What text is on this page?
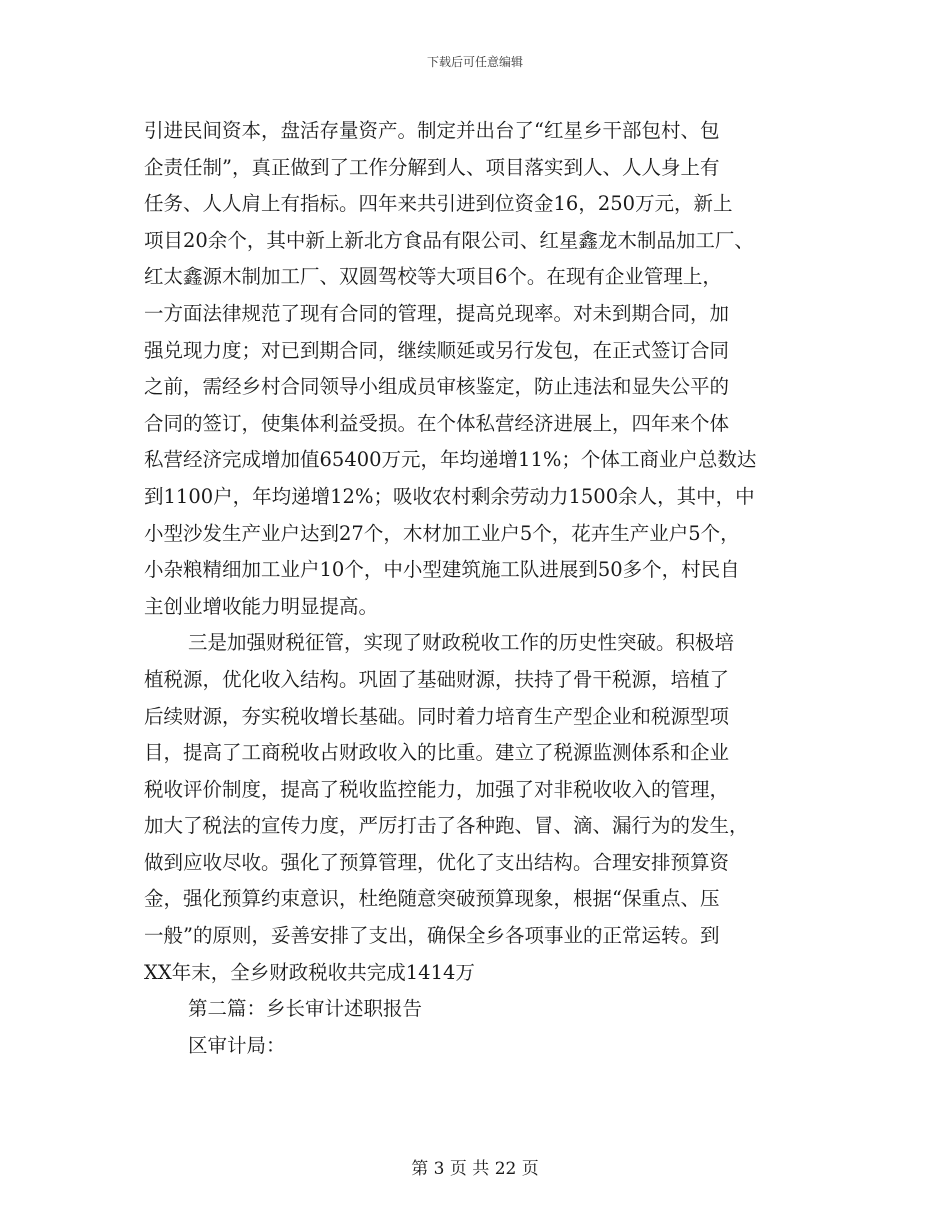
下载后可任意编辑
引进民间资本，盘活存量资产。制定并出台了“红星乡干部包村、包
企责任制”，真正做到了工作分解到人、项目落实到人、人人身上有
任务、人人肩上有指标。四年来共引进到位资金16，250万元，新上
项目20余个，其中新上新北方食品有限公司、红星鑫龙木制品加工厂、
红太鑫源木制加工厂、双圆驾校等大项目6个。在现有企业管理上，
一方面法律规范了现有合同的管理，提高兑现率。对未到期合同，加
强兑现力度；对已到期合同，继续顺延或另行发包，在正式签订合同
之前，需经乡村合同领导小组成员审核鉴定，防止违法和显失公平的
合同的签订，使集体利益受损。在个体私营经济进展上，四年来个体
私营经济完成增加值65400万元，年均递增11%；个体工商业户总数达
到1100户，年均递增12%；吸收农村剩余劳动力1500余人，其中，中
小型沙发生产业户达到27个，木材加工业户5个，花卉生产业户5个，
小杂粮精细加工业户10个，中小型建筑施工队进展到50多个，村民自
主创业增收能力明显提高。
三是加强财税征管，实现了财政税收工作的历史性突破。积极培
植税源，优化收入结构。巩固了基础财源，扶持了骨干税源，培植了
后续财源，夯实税收增长基础。同时着力培育生产型企业和税源型项
目，提高了工商税收占财政收入的比重。建立了税源监测体系和企业
税收评价制度，提高了税收监控能力，加强了对非税收收入的管理，
加大了税法的宣传力度，严厉打击了各种跑、冒、滴、漏行为的发生，
做到应收尽收。强化了预算管理，优化了支出结构。合理安排预算资
金，强化预算约束意识，杜绝随意突破预算现象，根据“保重点、压
一般”的原则，妥善安排了支出，确保全乡各项事业的正常运转。到
XX年末，全乡财政税收共完成1414万
第二篇：乡长审计述职报告
区审计局：
第 3 页 共 22 页
